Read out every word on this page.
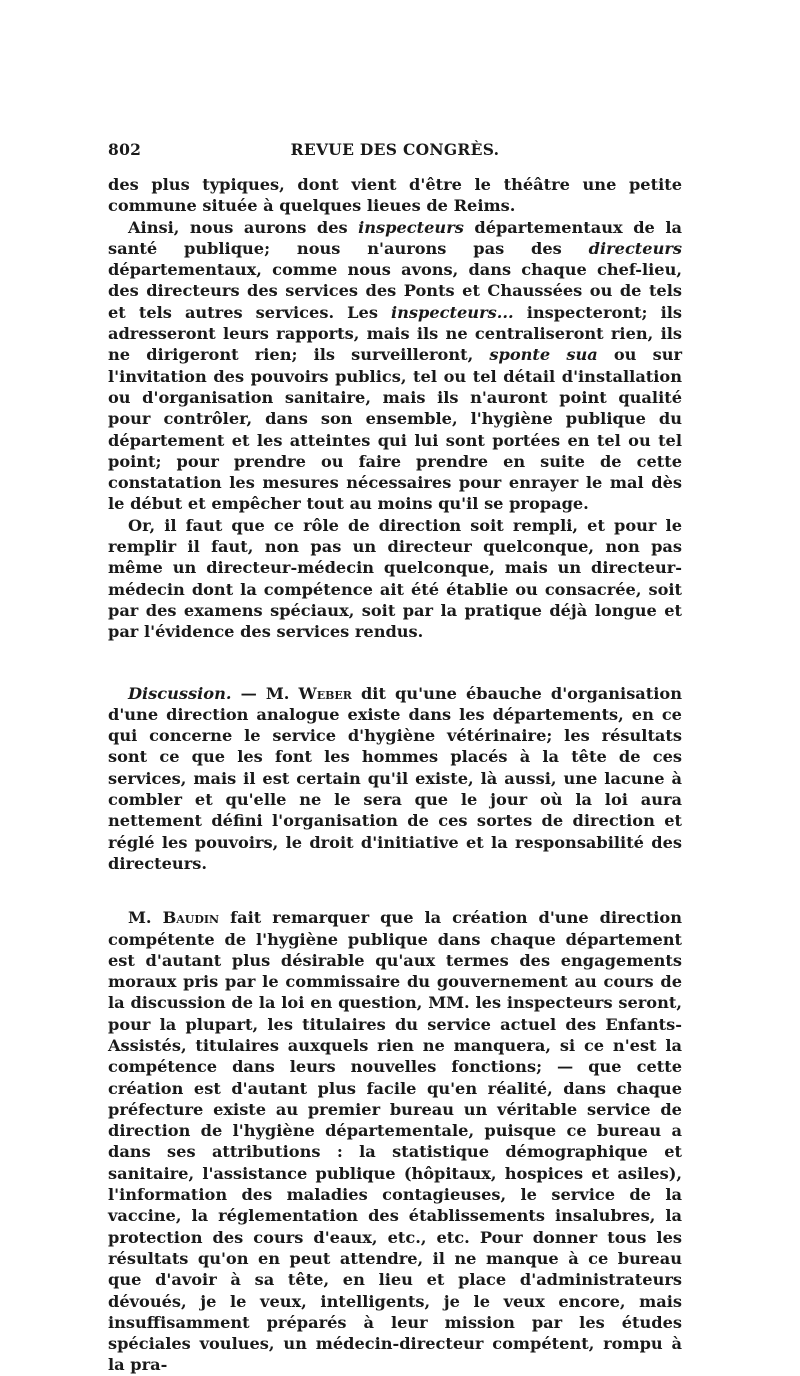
802	REVUE DES CONGRÈS.

des plus typiques, dont vient d'être le théâtre une petite commune située à quelques lieues de Reims.

Ainsi, nous aurons des inspecteurs départementaux de la santé publique; nous n'aurons pas des directeurs départementaux, comme nous avons, dans chaque chef-lieu, des directeurs des services des Ponts et Chaussées ou de tels et tels autres services. Les inspecteurs... inspecteront; ils adresseront leurs rapports, mais ils ne centraliseront rien, ils ne dirigeront rien; ils surveilleront, sponte sua ou sur l'invitation des pouvoirs publics, tel ou tel détail d'installation ou d'organisation sanitaire, mais ils n'auront point qualité pour contrôler, dans son ensemble, l'hygiène publique du département et les atteintes qui lui sont portées en tel ou tel point; pour prendre ou faire prendre en suite de cette constatation les mesures nécessaires pour enrayer le mal dès le début et empêcher tout au moins qu'il se propage.

Or, il faut que ce rôle de direction soit rempli, et pour le remplir il faut, non pas un directeur quelconque, non pas même un directeur-médecin quelconque, mais un directeur-médecin dont la compétence ait été établie ou consacrée, soit par des examens spéciaux, soit par la pratique déjà longue et par l'évidence des services rendus.

Discussion. — M. Weber dit qu'une ébauche d'organisation d'une direction analogue existe dans les départements, en ce qui concerne le service d'hygiène vétérinaire; les résultats sont ce que les font les hommes placés à la tête de ces services, mais il est certain qu'il existe, là aussi, une lacune à combler et qu'elle ne le sera que le jour où la loi aura nettement défini l'organisation de ces sortes de direction et réglé les pouvoirs, le droit d'initiative et la responsabilité des directeurs.

M. Baudin fait remarquer que la création d'une direction compétente de l'hygiène publique dans chaque département est d'autant plus désirable qu'aux termes des engagements moraux pris par le commissaire du gouvernement au cours de la discussion de la loi en question, MM. les inspecteurs seront, pour la plupart, les titulaires du service actuel des Enfants-Assistés, titulaires auxquels rien ne manquera, si ce n'est la compétence dans leurs nouvelles fonctions; — que cette création est d'autant plus facile qu'en réalité, dans chaque préfecture existe au premier bureau un véritable service de direction de l'hygiène départementale, puisque ce bureau a dans ses attributions : la statistique démographique et sanitaire, l'assistance publique (hôpitaux, hospices et asiles), l'information des maladies contagieuses, le service de la vaccine, la réglementation des établissements insalubres, la protection des cours d'eaux, etc., etc. Pour donner tous les résultats qu'on en peut attendre, il ne manque à ce bureau que d'avoir à sa tête, en lieu et place d'administrateurs dévoués, je le veux, intelligents, je le veux encore, mais insuffisamment préparés à leur mission par les études spéciales voulues, un médecin-directeur compétent, rompu à la pra-
